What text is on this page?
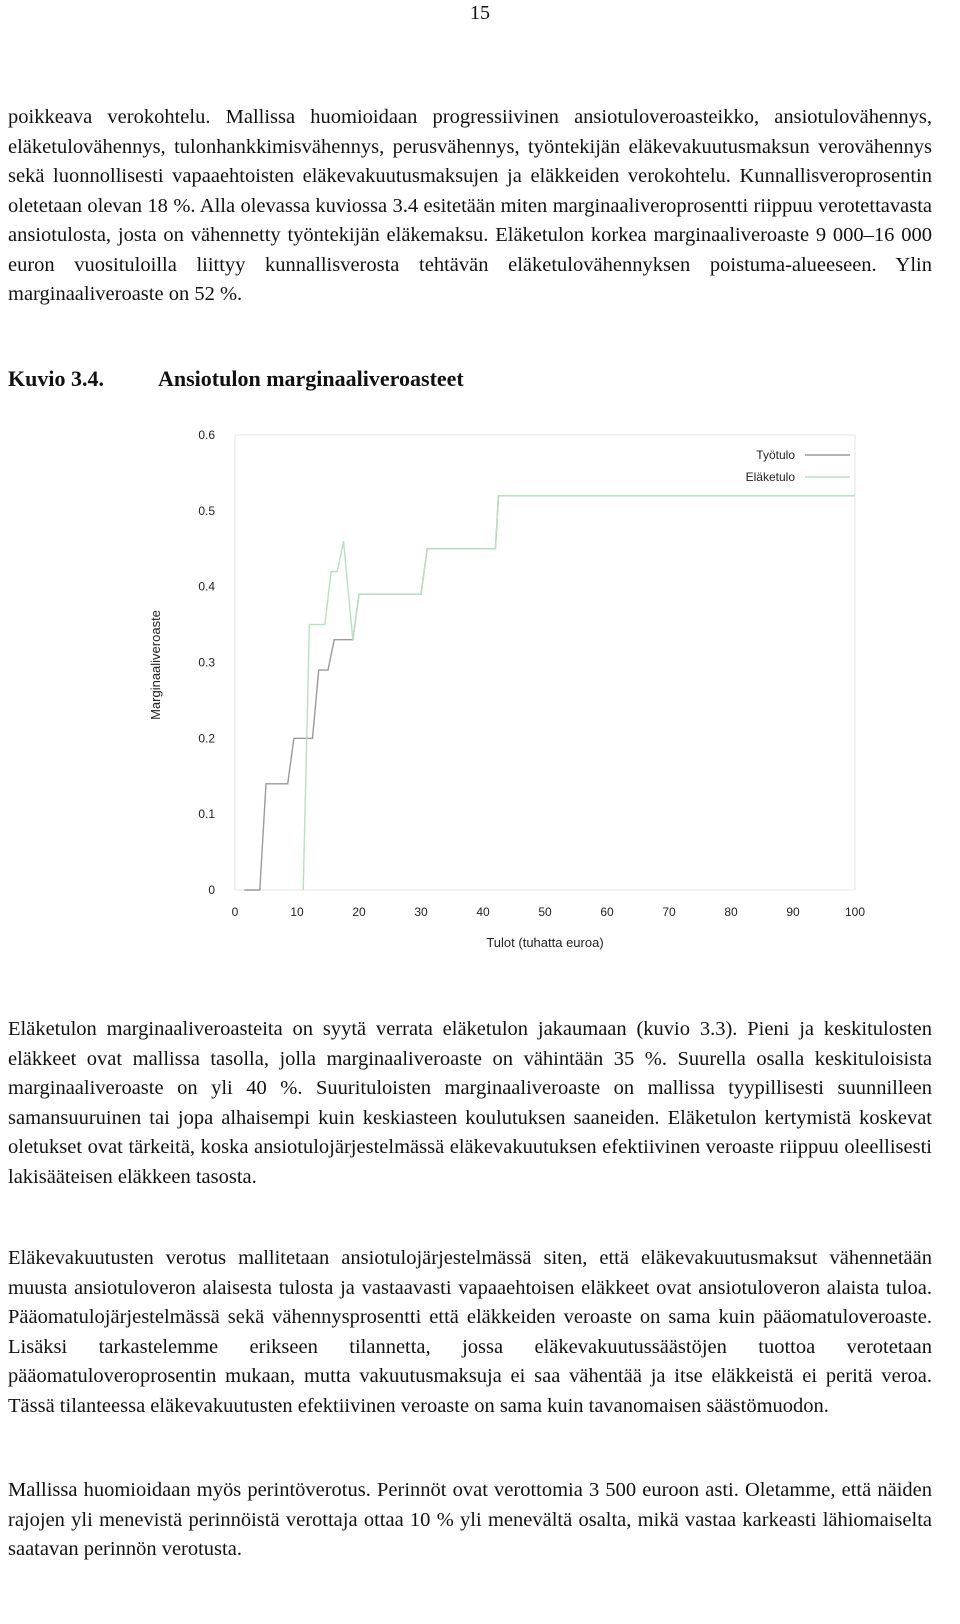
15

poikkeava verokohtelu. Mallissa huomioidaan progressiivinen ansiotuloveroasteikko, ansiotulovähennys, eläketulovähennys, tulonhankkimisvähennys, perusvähennys, työntekijän eläkevakuutusmaksun verovähennys sekä luonnollisesti vapaaehtoisten eläkevakuutusmaksujen ja eläkkeiden verokohtelu. Kunnallisveroprosentin oletetaan olevan 18 %. Alla olevassa kuviossa 3.4 esitetään miten marginaaliveroprosentti riippuu verotettavasta ansiotulosta, josta on vähennetty työntekijän eläkemaksu. Eläketulon korkea marginaaliveroaste 9 000–16 000 euron vuosituloilla liittyy kunnallisverosta tehtävän eläketulovähennyksen poistuma-alueeseen. Ylin marginaaliveroaste on 52 %.

Kuvio 3.4. Ansiotulon marginaaliveroasteet
0
0.1
0.2
0.3
0.4
0.5
0.6
0	10	20	30	40	50	60	70	80	90	100
Marginaaliveroaste
Tulot (tuhatta euroa)
Työtulo
Eläketulo

Eläketulon marginaaliveroasteita on syytä verrata eläketulon jakaumaan (kuvio 3.3). Pieni ja keskitulosten eläkkeet ovat mallissa tasolla, jolla marginaaliveroaste on vähintään 35 %. Suurella osalla keskituloisista marginaaliveroaste on yli 40 %. Suurituloisten marginaaliveroaste on mallissa tyypillisesti suunnilleen samansuuruinen tai jopa alhaisempi kuin keskiasteen koulutuksen saaneiden. Eläketulon kertymistä koskevat oletukset ovat tärkeitä, koska ansiotulojärjestelmässä eläkevakuutuksen efektiivinen veroaste riippuu oleellisesti lakisääteisen eläkkeen tasosta.

Eläkevakuutusten verotus mallitetaan ansiotulojärjestelmässä siten, että eläkevakuutusmaksut vähennetään muusta ansiotuloveron alaisesta tulosta ja vastaavasti vapaaehtoisen eläkkeet ovat ansiotuloveron alaista tuloa. Pääomatulojärjestelmässä sekä vähennysprosentti että eläkkeiden veroaste on sama kuin pääomatuloveroaste. Lisäksi tarkastelemme erikseen tilannetta, jossa eläkevakuutussäästöjen tuottoa verotetaan pääomatuloveroprosentin mukaan, mutta vakuutusmaksuja ei saa vähentää ja itse eläkkeistä ei peritä veroa. Tässä tilanteessa eläkevakuutusten efektiivinen veroaste on sama kuin tavanomaisen säästömuodon.

Mallissa huomioidaan myös perintöverotus. Perinnöt ovat verottomia 3 500 euroon asti. Oletamme, että näiden rajojen yli menevistä perinnöistä verottaja ottaa 10 % yli menevältä osalta, mikä vastaa karkeasti lähiomaiselta saatavan perinnön verotusta.
